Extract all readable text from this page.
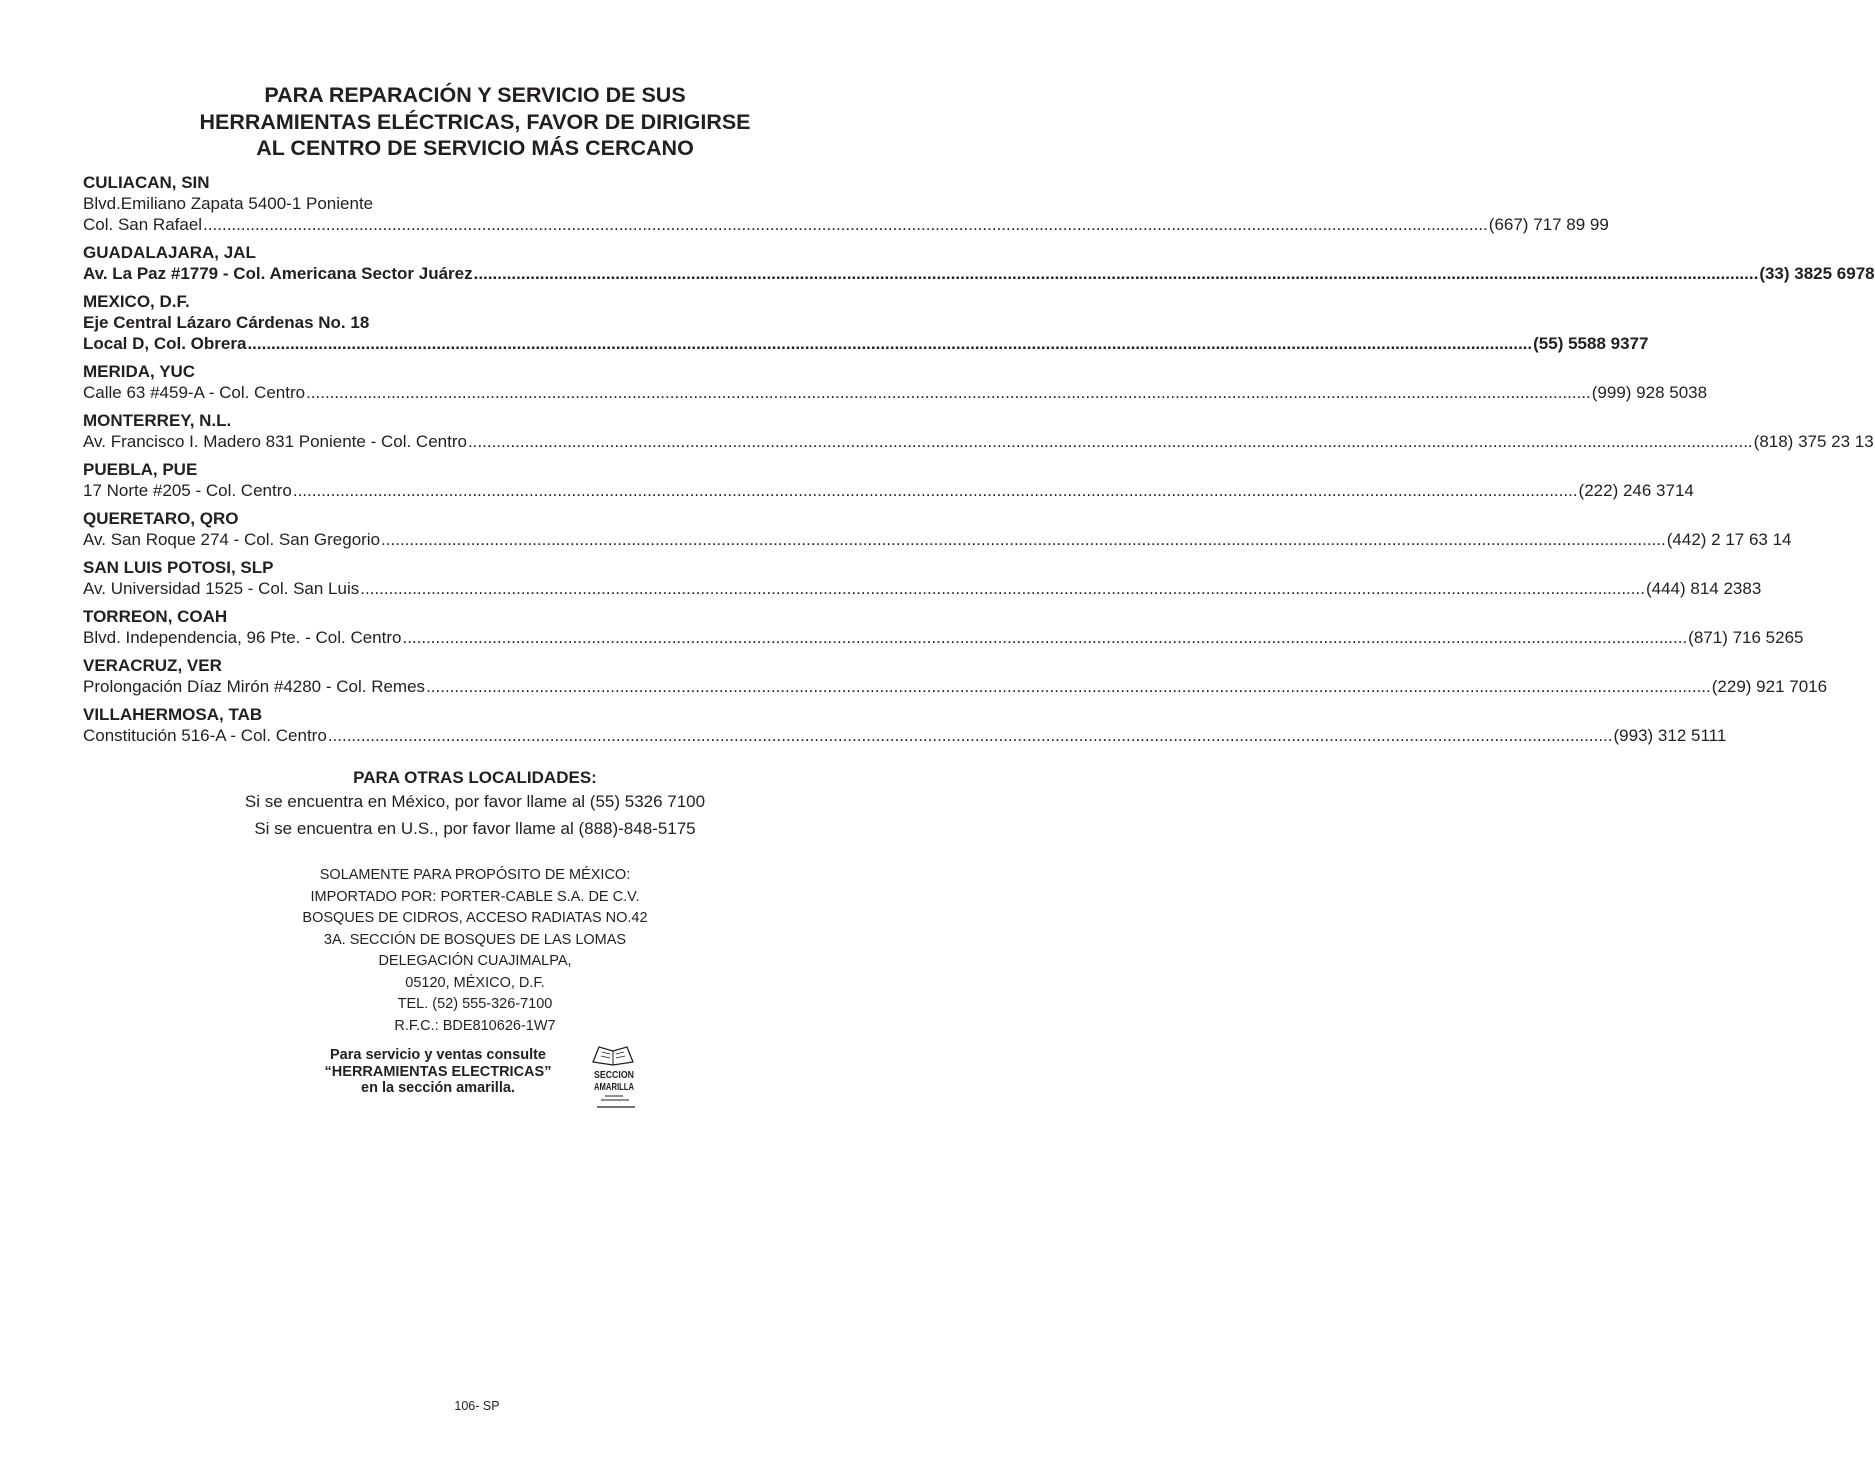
PARA REPARACIÓN Y SERVICIO DE SUS
HERRAMIENTAS ELÉCTRICAS, FAVOR DE DIRIGIRSE
AL CENTRO DE SERVICIO MÁS CERCANO
CULIACAN, SIN
Blvd.Emiliano Zapata 5400-1 Poniente
Col. San Rafael .....	(667) 717 89 99
GUADALAJARA, JAL
Av. La Paz #1779 - Col. Americana Sector Juárez .....	(33) 3825 6978
MEXICO, D.F.
Eje Central Lázaro Cárdenas No. 18
Local D, Col. Obrera .....	(55) 5588 9377
MERIDA, YUC
Calle 63 #459-A - Col. Centro .....	(999) 928 5038
MONTERREY, N.L.
Av. Francisco I. Madero 831 Poniente - Col. Centro .....	(818) 375 23 13
PUEBLA, PUE
17 Norte #205 - Col. Centro .....	(222) 246 3714
QUERETARO, QRO
Av. San Roque 274 - Col. San Gregorio .....	(442) 2 17 63 14
SAN LUIS POTOSI, SLP
Av. Universidad 1525 - Col. San Luis .....	(444) 814 2383
TORREON, COAH
Blvd. Independencia, 96 Pte. - Col. Centro .....	(871) 716 5265
VERACRUZ, VER
Prolongación Díaz Mirón #4280 - Col. Remes .....	(229) 921 7016
VILLAHERMOSA, TAB
Constitución 516-A - Col. Centro .....	(993) 312 5111
PARA OTRAS LOCALIDADES:
Si se encuentra en México, por favor llame al (55) 5326 7100
Si se encuentra en U.S., por favor llame al (888)-848-5175
SOLAMENTE PARA PROPÓSITO DE MÉXICO:
IMPORTADO POR: PORTER-CABLE S.A. DE C.V.
BOSQUES DE CIDROS, ACCESO RADIATAS NO.42
3A. SECCIÓN DE BOSQUES DE LAS LOMAS
DELEGACIÓN CUAJIMALPA,
05120, MÉXICO, D.F.
TEL. (52) 555-326-7100
R.F.C.: BDE810626-1W7
Para servicio y ventas consulte
“HERRAMIENTAS ELECTRICAS”
en la sección amarilla.
SECCION
AMARILLA
106- SP
